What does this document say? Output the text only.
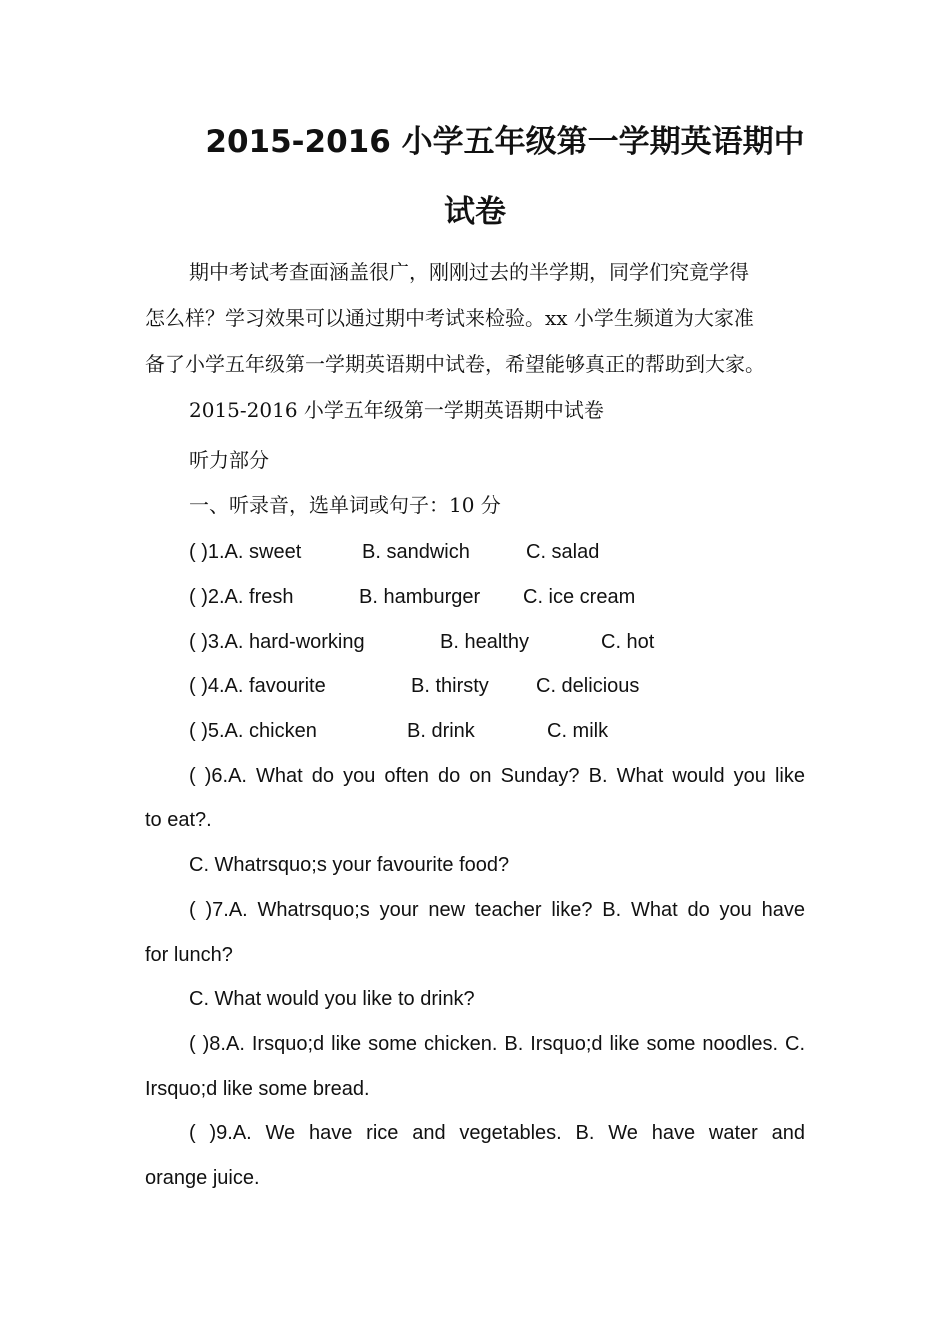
2015-2016 小学五年级第一学期英语期中
试卷

期中考试考查面涵盖很广，刚刚过去的半学期，同学们究竟学得

怎么样？学习效果可以通过期中考试来检验。xx 小学生频道为大家准

备了小学五年级第一学期英语期中试卷，希望能够真正的帮助到大家。

2015-2016 小学五年级第一学期英语期中试卷

听力部分

一、听录音，选单词或句子：10 分

( )1.A. sweet	B. sandwich	C. salad
( )2.A. fresh	B. hamburger C. ice cream
( )3.A. hard-working	B. healthy	C. hot
( )4.A. favourite	B. thirsty C. delicious
( )5.A. chicken	B. drink	C. milk

( )6.A. What do you often do on Sunday? B. What would you like

to eat?.

C. Whatrsquo;s your favourite food?

( )7.A. Whatrsquo;s your new teacher like? B. What do you have

for lunch?

C. What would you like to drink?

( )8.A. Irsquo;d like some chicken. B. Irsquo;d like some noodles. C.

Irsquo;d like some bread.

( )9.A. We have rice and vegetables. B. We have water and

orange juice.
